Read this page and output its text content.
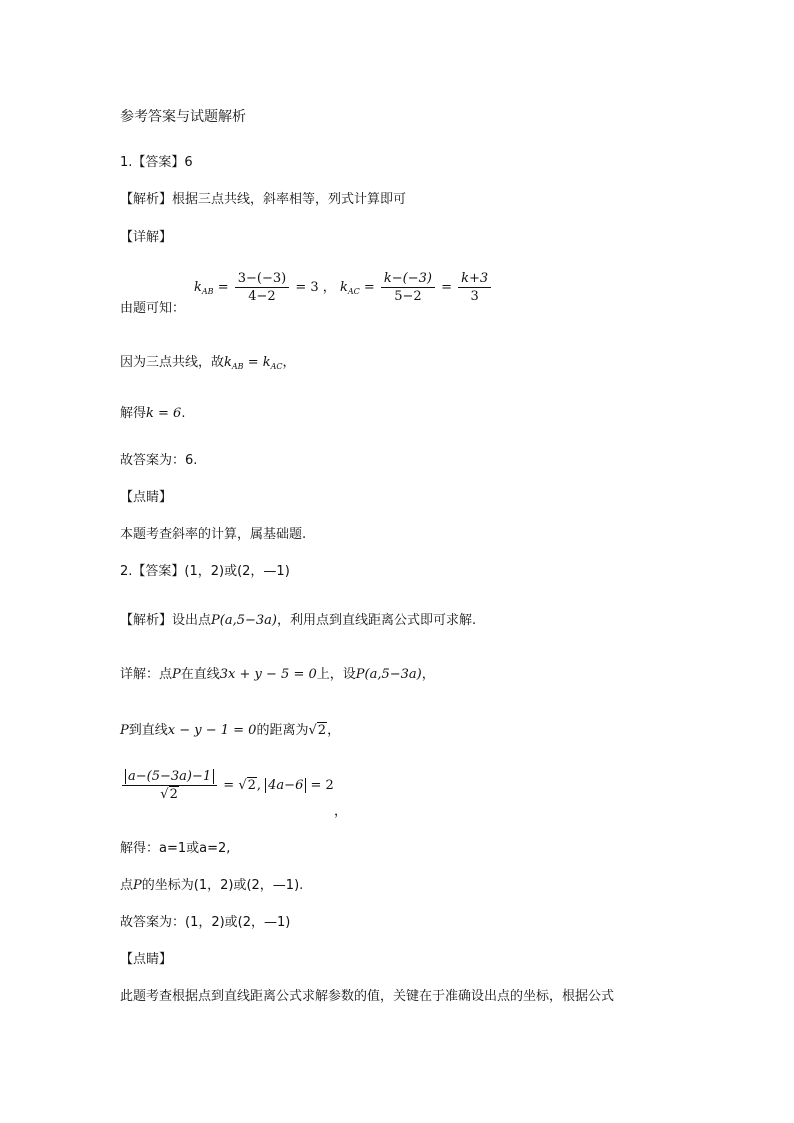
参考答案与试题解析
1.【答案】6
【解析】根据三点共线，斜率相等，列式计算即可
【详解】
由题可知：
$k_{AB} = \frac{3-(-3)}{4-2} = 3$ ， $k_{AC} = \frac{k-(-3)}{5-2} = \frac{k+3}{3}$
因为三点共线，故$k_{AB} = k_{AC}$，
解得k = 6.
故答案为：6.
【点睛】
本题考查斜率的计算，属基础题.
2.【答案】(1，2)或(2，—1)
【解析】设出点P(a,5−3a)，利用点到直线距离公式即可求解.
详解：点P在直线3x + y − 5 = 0上，设P(a,5−3a)，
P到直线x − y − 1 = 0的距离为√2，
$\frac{a-(5-3a)-1}{√2} = √2$, 4a−6 = 2
，
解得：a=1或a=2,
点P的坐标为(1，2)或(2，—1).
故答案为：(1，2)或(2，—1)
【点睛】
此题考查根据点到直线距离公式求解参数的值，关键在于准确设出点的坐标，根据公式
